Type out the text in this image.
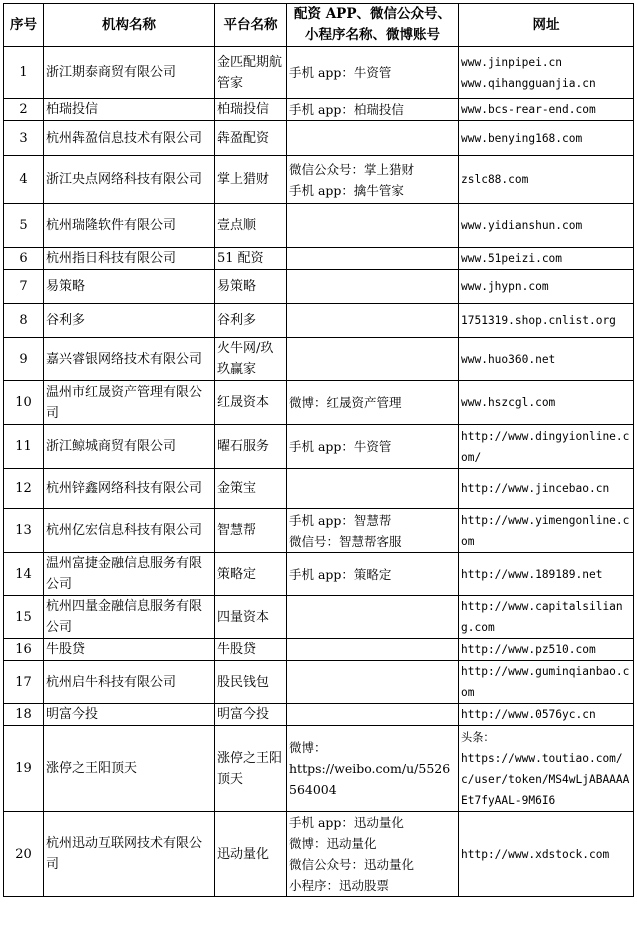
序号	机构名称	平台名称	配资 APP、微信公众号、小程序名称、微博账号	网址
1	浙江期泰商贸有限公司	金匹配期航管家	手机 app：牛资管	www.jinpipei.cn
www.qihangguanjia.cn

2	柏瑞投信	柏瑞投信	手机 app：柏瑞投信	www.bcs-rear-end.com

3	杭州犇盈信息技术有限公司	犇盈配资		www.benying168.com

4	浙江央点网络科技有限公司	掌上猎财	微信公众号：掌上猎财
手机 app：擒牛管家	zslc88.com

5	杭州瑞隆软件有限公司	壹点顺		www.yidianshun.com

6	杭州指日科技有限公司	51 配资		www.51peizi.com

7	易策略	易策略		www.jhypn.com

8	谷利多	谷利多		1751319.shop.cnlist.org

9	嘉兴睿银网络技术有限公司	火牛网/玖玖赢家		www.huo360.net

10	温州市红晟资产管理有限公司	红晟资本	微博：红晟资产管理	www.hszcgl.com

11	浙江鲸城商贸有限公司	曜石服务	手机 app：牛资管	http://www.dingyionline.com/

12	杭州锌鑫网络科技有限公司	金策宝		http://www.jincebao.cn

13	杭州亿宏信息科技有限公司	智慧帮	手机 app：智慧帮
微信号：智慧帮客服	http://www.yimengonline.com

14	温州富捷金融信息服务有限公司	策略定	手机 app：策略定	http://www.189189.net

15	杭州四量金融信息服务有限公司	四量资本		http://www.capitalsiliang.com

16	牛股贷	牛股贷		http://www.pz510.com

17	杭州启牛科技有限公司	股民钱包		http://www.guminqianbao.com

18	明富今投	明富今投		http://www.0576yc.cn

19	涨停之王阳顶天	涨停之王阳顶天	微博：
https://weibo.com/u/5526564004	头条：
https://www.toutiao.com/c/user/token/MS4wLjABAAAAEt7fyAAL-9M6I6

20	杭州迅动互联网技术有限公司	迅动量化	手机 app：迅动量化
微博：迅动量化
微信公众号：迅动量化
小程序：迅动股票	http://www.xdstock.com
